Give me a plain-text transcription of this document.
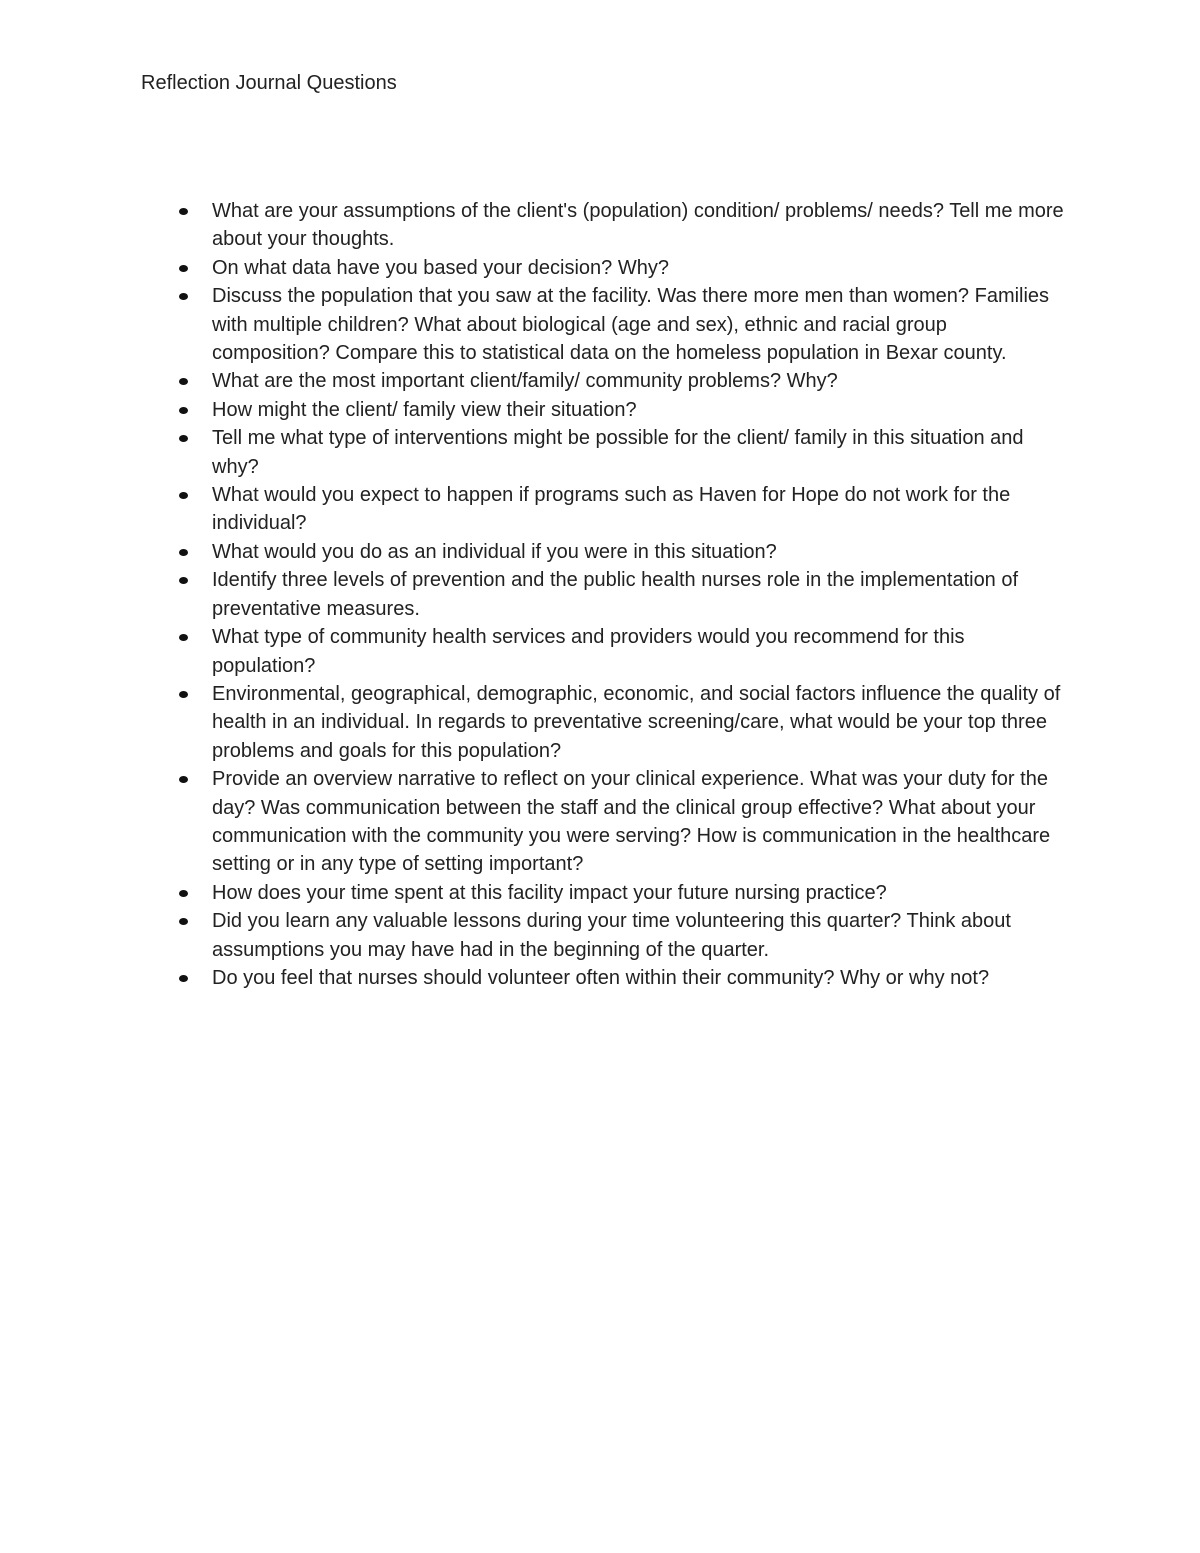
Reflection Journal Questions
What are your assumptions of the client's (population) condition/ problems/ needs? Tell me more about your thoughts.
On what data have you based your decision? Why?
Discuss the population that you saw at the facility. Was there more men than women? Families with multiple children? What about biological (age and sex), ethnic and racial group composition? Compare this to statistical data on the homeless population in Bexar county.
What are the most important client/family/ community problems? Why?
How might the client/ family view their situation?
Tell me what type of interventions might be possible for the client/ family in this situation and why?
What would you expect to happen if programs such as Haven for Hope do not work for the individual?
What would you do as an individual if you were in this situation?
Identify three levels of prevention and the public health nurses role in the implementation of preventative measures.
What type of community health services and providers would you recommend for this population?
Environmental, geographical, demographic, economic, and social factors influence the quality of health in an individual. In regards to preventative screening/care, what would be your top three problems and goals for this population?
Provide an overview narrative to reflect on your clinical experience. What was your duty for the day? Was communication between the staff and the clinical group effective? What about your communication with the community you were serving? How is communication in the healthcare setting or in any type of setting important?
How does your time spent at this facility impact your future nursing practice?
Did you learn any valuable lessons during your time volunteering this quarter? Think about assumptions you may have had in the beginning of the quarter.
Do you feel that nurses should volunteer often within their community? Why or why not?
